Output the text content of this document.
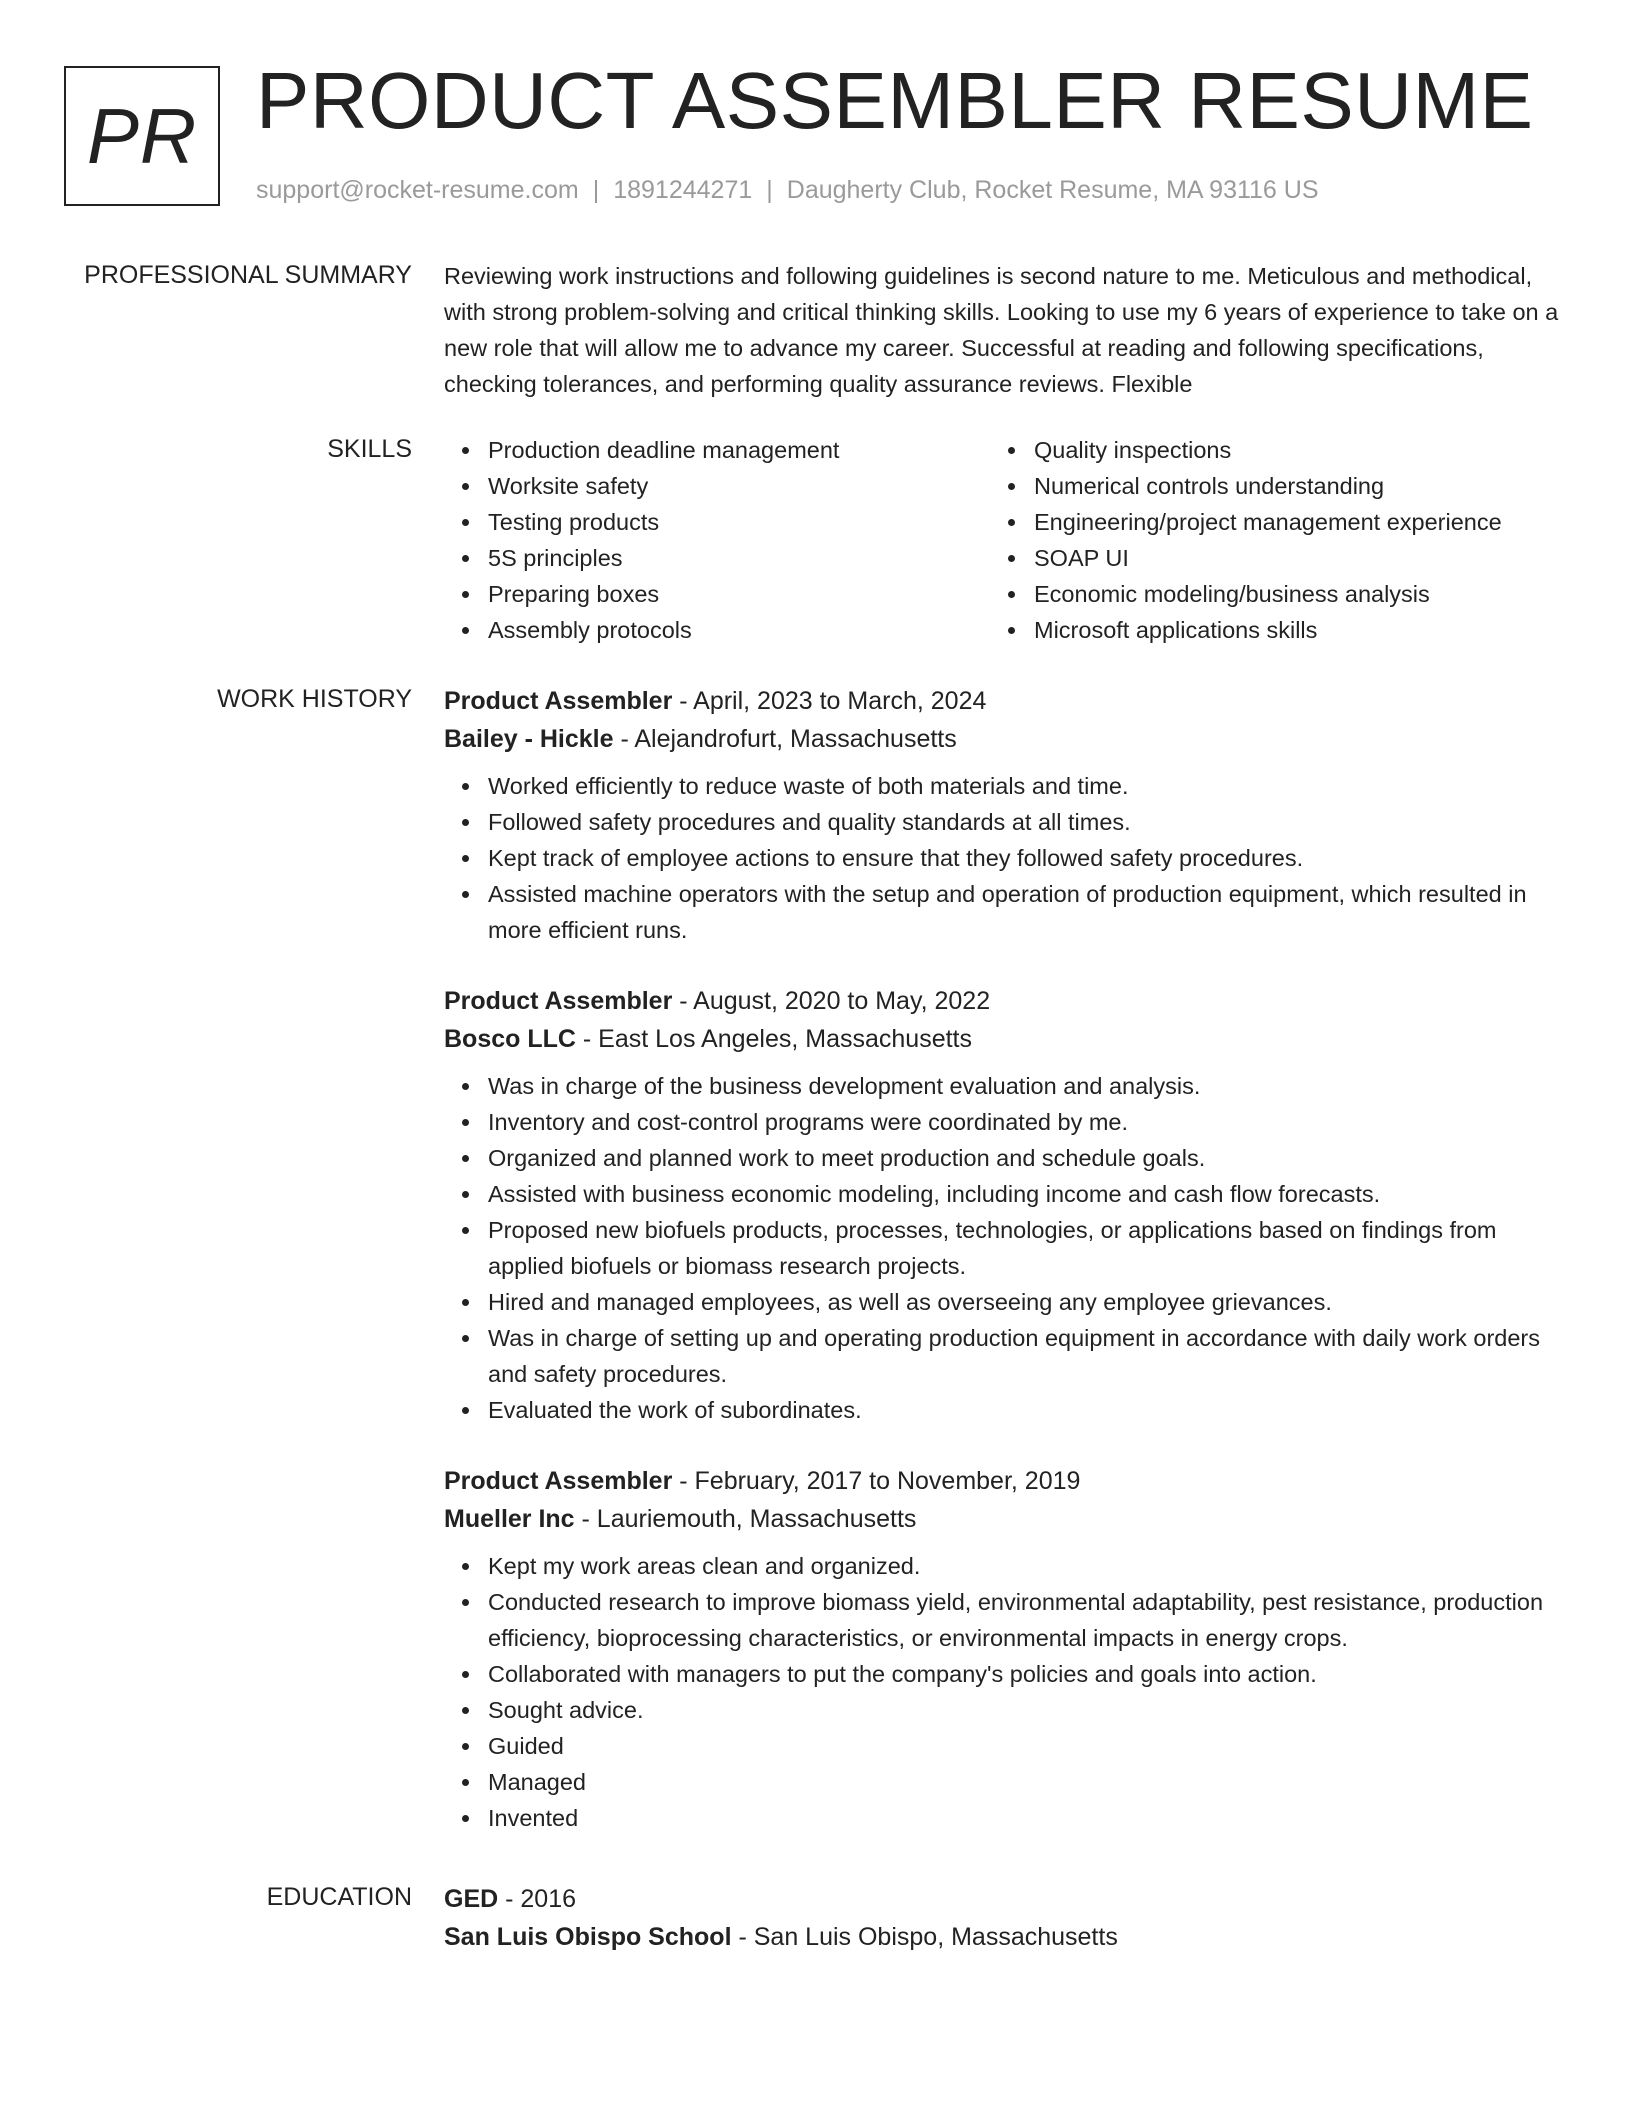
PR PRODUCT ASSEMBLER RESUME
support@rocket-resume.com | 1891244271 | Daugherty Club, Rocket Resume, MA 93116 US
PROFESSIONAL SUMMARY Reviewing work instructions and following guidelines is second nature to me. Meticulous and methodical, with strong problem-solving and critical thinking skills. Looking to use my 6 years of experience to take on a new role that will allow me to advance my career. Successful at reading and following specifications, checking tolerances, and performing quality assurance reviews. Flexible

SKILLS	Production deadline management
Worksite safety
Testing products
5S principles
Preparing boxes
Assembly protocols
Quality inspections
Numerical controls understanding
Engineering/project management experience
SOAP UI
Economic modeling/business analysis
Microsoft applications skills
WORK HISTORY Product Assembler - April, 2023 to March, 2024
Bailey - Hickle - Alejandrofurt, Massachusetts
Worked efficiently to reduce waste of both materials and time.
Followed safety procedures and quality standards at all times.
Kept track of employee actions to ensure that they followed safety procedures.
Assisted machine operators with the setup and operation of production equipment, which resulted in more efficient runs.
Product Assembler - August, 2020 to May, 2022
Bosco LLC - East Los Angeles, Massachusetts
Was in charge of the business development evaluation and analysis.
Inventory and cost-control programs were coordinated by me.
Organized and planned work to meet production and schedule goals.
Assisted with business economic modeling, including income and cash flow forecasts.
Proposed new biofuels products, processes, technologies, or applications based on findings from applied biofuels or biomass research projects.
Hired and managed employees, as well as overseeing any employee grievances.
Was in charge of setting up and operating production equipment in accordance with daily work orders and safety procedures.
Evaluated the work of subordinates.
Product Assembler - February, 2017 to November, 2019
Mueller Inc - Lauriemouth, Massachusetts
Kept my work areas clean and organized.
Conducted research to improve biomass yield, environmental adaptability, pest resistance, production efficiency, bioprocessing characteristics, or environmental impacts in energy crops.
Collaborated with managers to put the company's policies and goals into action.
Sought advice.
Guided
Managed
Invented
EDUCATION GED - 2016
San Luis Obispo School - San Luis Obispo, Massachusetts
